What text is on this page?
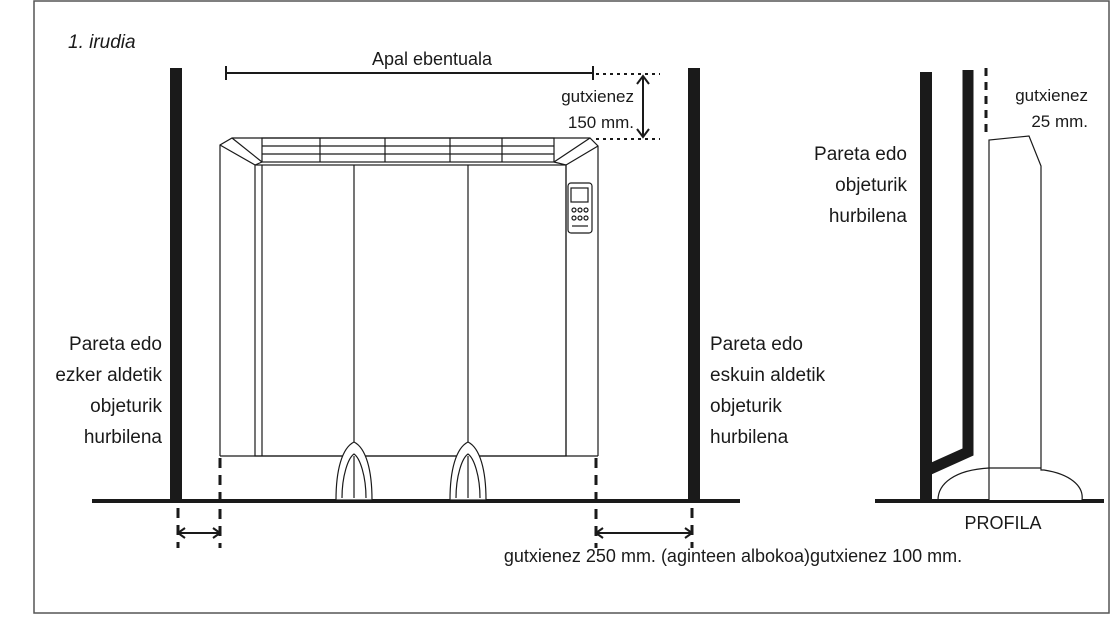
1. irudia
Apal ebentuala
gutxienez
150 mm.
Pareta edo
ezker aldetik
objeturik
hurbilena
Pareta edo
eskuin aldetik
objeturik
hurbilena
Pareta edo
objeturik
hurbilena
gutxienez
25 mm.
PROFILA
gutxienez 250 mm. (aginteen albokoa)gutxienez 100 mm.
